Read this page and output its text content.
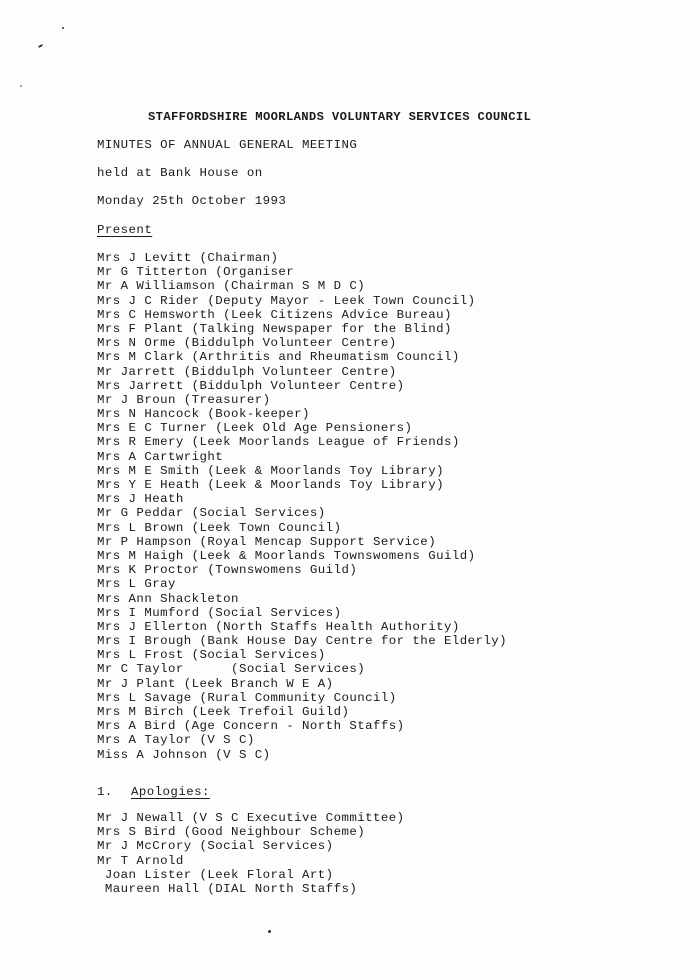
STAFFORDSHIRE MOORLANDS VOLUNTARY SERVICES COUNCIL
MINUTES OF ANNUAL GENERAL MEETING
held at Bank House on
Monday 25th October 1993
Present
Mrs J Levitt (Chairman)
Mr G Titterton (Organiser
Mr A Williamson (Chairman S M D C)
Mrs J C Rider (Deputy Mayor - Leek Town Council)
Mrs C Hemsworth (Leek Citizens Advice Bureau)
Mrs F Plant (Talking Newspaper for the Blind)
Mrs N Orme (Biddulph Volunteer Centre)
Mrs M Clark (Arthritis and Rheumatism Council)
Mr Jarrett (Biddulph Volunteer Centre)
Mrs Jarrett (Biddulph Volunteer Centre)
Mr J Broun (Treasurer)
Mrs N Hancock (Book-keeper)
Mrs E C Turner (Leek Old Age Pensioners)
Mrs R Emery (Leek Moorlands League of Friends)
Mrs A Cartwright
Mrs M E Smith (Leek & Moorlands Toy Library)
Mrs Y E Heath (Leek & Moorlands Toy Library)
Mrs J Heath
Mr G Peddar (Social Services)
Mrs L Brown (Leek Town Council)
Mr P Hampson (Royal Mencap Support Service)
Mrs M Haigh (Leek & Moorlands Townswomens Guild)
Mrs K Proctor (Townswomens Guild)
Mrs L Gray
Mrs Ann Shackleton
Mrs I Mumford (Social Services)
Mrs J Ellerton (North Staffs Health Authority)
Mrs I Brough (Bank House Day Centre for the Elderly)
Mrs L Frost (Social Services)
Mr C Taylor      (Social Services)
Mr J Plant (Leek Branch W E A)
Mrs L Savage (Rural Community Council)
Mrs M Birch (Leek Trefoil Guild)
Mrs A Bird (Age Concern - North Staffs)
Mrs A Taylor (V S C)
Miss A Johnson (V S C)
1. Apologies:
Mr J Newall (V S C Executive Committee)
Mrs S Bird (Good Neighbour Scheme)
Mr J McCrory (Social Services)
Mr T Arnold
Joan Lister (Leek Floral Art)
Maureen Hall (DIAL North Staffs)
